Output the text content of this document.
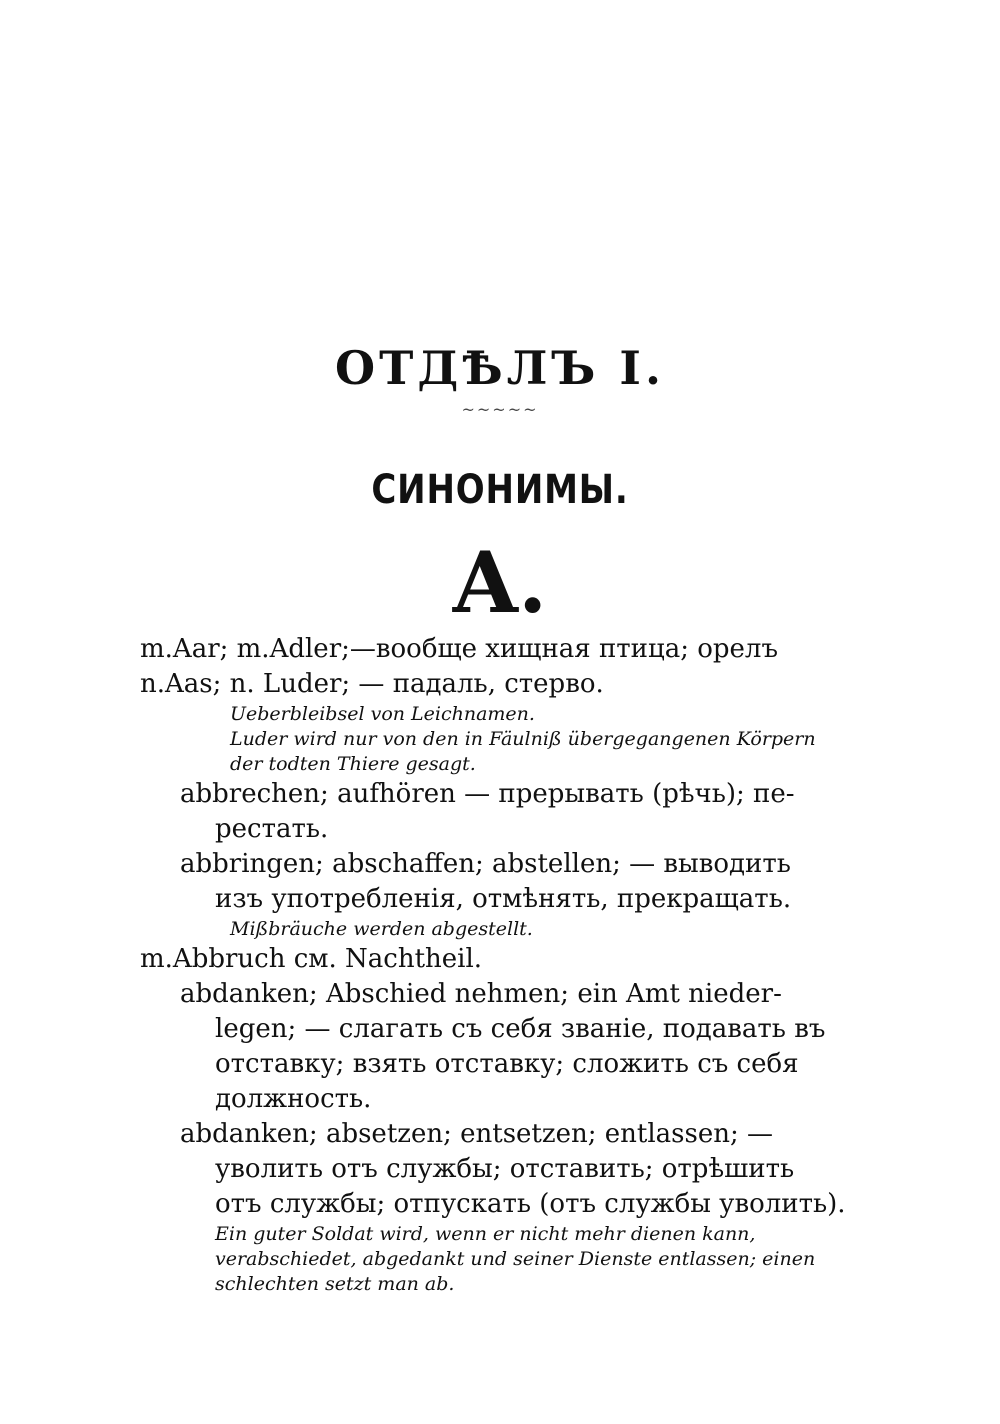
ОТДѢЛЪ I.
~~~~~
СИНОНИМЫ.
A.
m.Aar; m.Adler;—вообще хищная птица; орелъ
n.Aas; n. Luder; — падаль, стерво.
Ueberbleibsel von Leichnamen.
Luder wird nur von den in Fäulniß übergegangenen Körpern
der todten Thiere gesagt.
abbrechen; aufhören — прерывать (рѣчь); пе-
рестать.
abbringen; abschaffen; abstellen; — выводить
изъ употребленія, отмѣнять, прекращать.
Mißbräuche werden abgestellt.
m.Abbruch см. Nachtheil.
abdanken; Abschied nehmen; ein Amt nieder-
legen; — слагать съ себя званіе, подавать въ
отставку; взять отставку; сложить съ себя
должность.
abdanken; absetzen; entsetzen; entlassen; —
уволить отъ службы; отставить; отрѣшить
отъ службы; отпускать (отъ службы уволить).
Ein guter Soldat wird, wenn er nicht mehr dienen kann,
verabschiedet, abgedankt und seiner Dienste entlassen; einen
schlechten setzt man ab.
